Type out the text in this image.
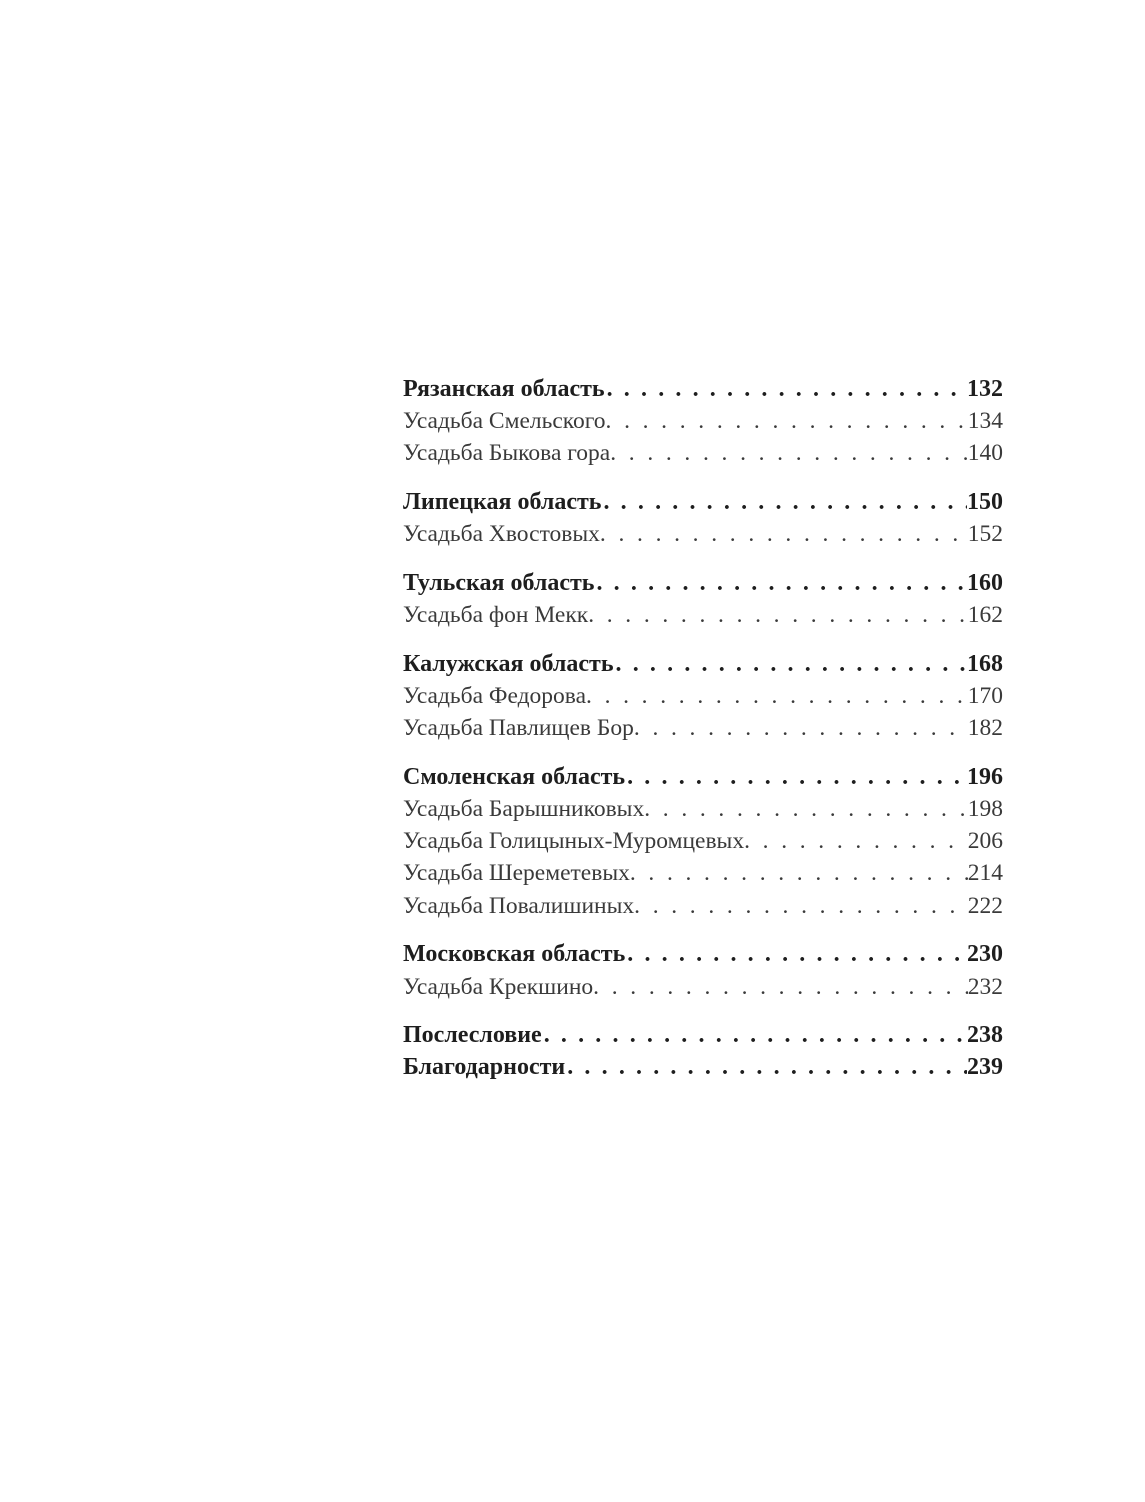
Рязанская область . . .	132
Усадьба Смельского . . .	134
Усадьба Быкова гора . . .	140
Липецкая область . . .	150
Усадьба Хвостовых . . .	152
Тульская область . . .	160
Усадьба фон Мекк . . .	162
Калужская область . . .	168
Усадьба Федорова . . .	170
Усадьба Павлищев Бор . . .	182
Смоленская область . . .	196
Усадьба Барышниковых . . .	198
Усадьба Голицыных-Муромцевых . . .	206
Усадьба Шереметевых . . .	214
Усадьба Повалишиных . . .	222
Московская область . . .	230
Усадьба Крекшино . . .	232
Послесловие . . .	238
Благодарности . . .	239
